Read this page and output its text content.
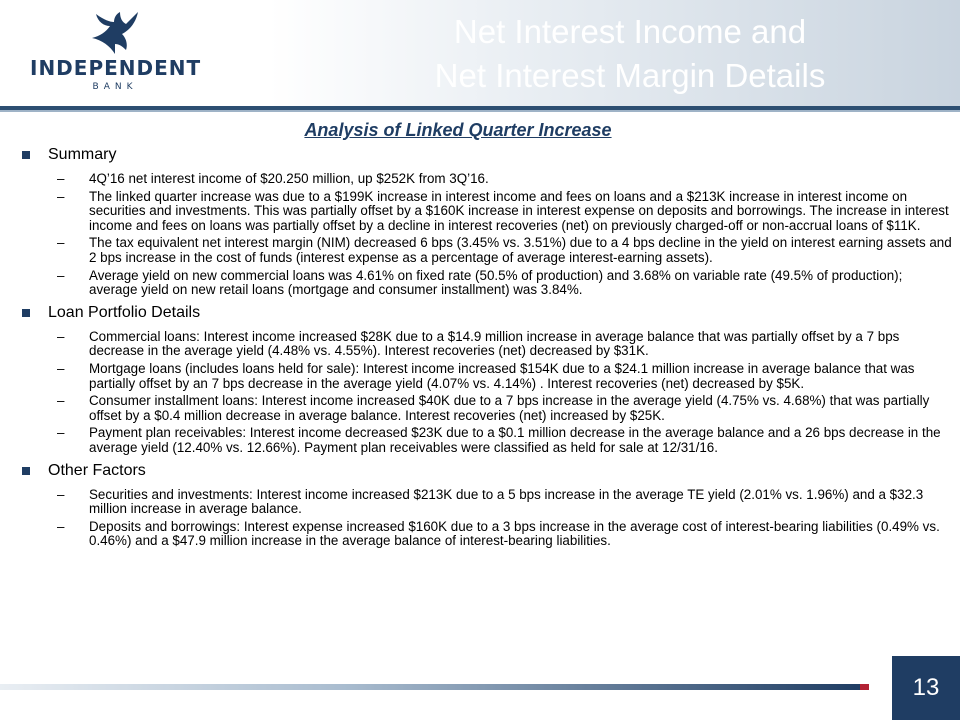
INDEPENDENT
BANK
Net Interest Income and
Net Interest Margin Details
Analysis of Linked Quarter Increase
Summary
– 4Q’16 net interest income of $20.250 million, up $252K from 3Q’16.
– The linked quarter increase was due to a $199K increase in interest income and fees on loans and a $213K increase in interest income on securities and investments. This was partially offset by a $160K increase in interest expense on deposits and borrowings. The increase in interest income and fees on loans was partially offset by a decline in interest recoveries (net) on previously charged-off or non-accrual loans of $11K.
– The tax equivalent net interest margin (NIM) decreased 6 bps (3.45% vs. 3.51%) due to a 4 bps decline in the yield on interest earning assets and 2 bps increase in the cost of funds (interest expense as a percentage of average interest-earning assets).
– Average yield on new commercial loans was 4.61% on fixed rate (50.5% of production) and 3.68% on variable rate (49.5% of production); average yield on new retail loans (mortgage and consumer installment) was 3.84%.
Loan Portfolio Details
– Commercial loans: Interest income increased $28K due to a $14.9 million increase in average balance that was partially offset by a 7 bps decrease in the average yield (4.48% vs. 4.55%). Interest recoveries (net) decreased by $31K.
– Mortgage loans (includes loans held for sale): Interest income increased $154K due to a $24.1 million increase in average balance that was partially offset by an 7 bps decrease in the average yield (4.07% vs. 4.14%) . Interest recoveries (net) decreased by $5K.
– Consumer installment loans: Interest income increased $40K due to a 7 bps increase in the average yield (4.75% vs. 4.68%) that was partially offset by a $0.4 million decrease in average balance. Interest recoveries (net) increased by $25K.
– Payment plan receivables: Interest income decreased $23K due to a $0.1 million decrease in the average balance and a 26 bps decrease in the average yield (12.40% vs. 12.66%). Payment plan receivables were classified as held for sale at 12/31/16.
Other Factors
– Securities and investments: Interest income increased $213K due to a 5 bps increase in the average TE yield (2.01% vs. 1.96%) and a $32.3 million increase in average balance.
– Deposits and borrowings: Interest expense increased $160K due to a 3 bps increase in the average cost of interest-bearing liabilities (0.49% vs. 0.46%) and a $47.9 million increase in the average balance of interest-bearing liabilities.
13
